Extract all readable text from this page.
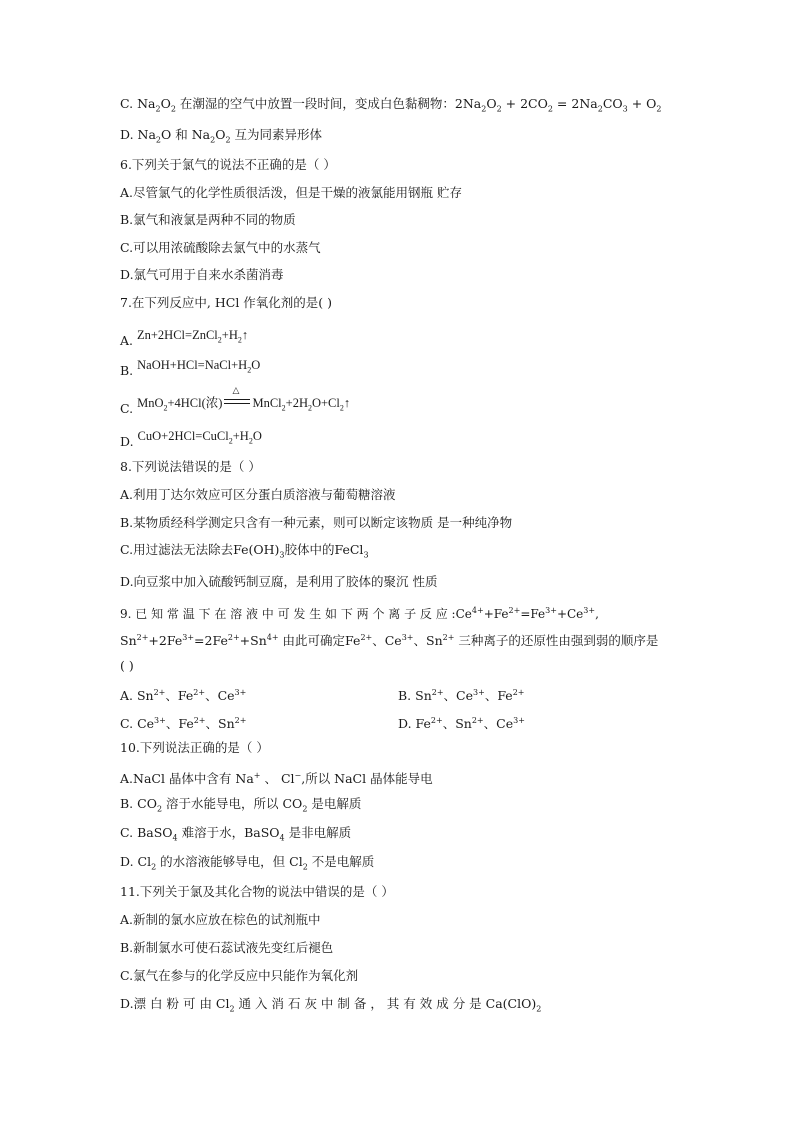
C. $Na_2O_2$ 在潮湿的空气中放置一段时间，变成白色黏稠物：$2Na_2O_2 + 2CO_2 = 2Na_2CO_3 + O_2$
D. $Na_2O$ 和 $Na_2O_2$ 互为同素异形体
6.下列关于氯气的说法不正确的是（ ）
A.尽管氯气的化学性质很活泼，但是干燥的液氯能用钢瓶 贮存
B.氯气和液氯是两种不同的物质
C.可以用浓硫酸除去氯气中的水蒸气
D.氯气可用于自来水杀菌消毒
7.在下列反应中, HCl 作氧化剂的是( )
A. $Zn+2HCl=ZnCl_2+H_2↑$
B. $NaOH+HCl=NaCl+H_2O$
C. MnO$_2$+4HCl(浓)
△
$MnCl_2+2H_2O+Cl_2↑$
D. $CuO+2HCl=CuCl_2+H_2O$
8.下列说法错误的是（ ）
A.利用丁达尔效应可区分蛋白质溶液与葡萄糖溶液
B.某物质经科学测定只含有一种元素，则可以断定该物质 是一种纯净物
C.用过滤法无法除去$Fe(OH)_3$胶体中的FeCl$_3$
D.向豆浆中加入硫酸钙制豆腐，是利用了胶体的聚沉 性质
9. 已 知 常 温 下 在 溶 液 中 可 发 生 如 下 两 个 离 子 反 应 $:Ce^{4+}+Fe^{2+}=Fe^{3+}+Ce^{3+}$,
$Sn^{2+}+2Fe^{3+}=2Fe^{2+}+Sn^{4+}$ 由此可确定$Fe^{2+}$、$Ce^{3+}$、$Sn^{2+}$ 三种离子的还原性由强到弱的顺序是
( )
A. $Sn^{2+}$、$Fe^{2+}$、$Ce^{3+}$	B. $Sn^{2+}$、$Ce^{3+}$、$Fe^{2+}$
C. $Ce^{3+}$、$Fe^{2+}$、$Sn^{2+}$	D. $Fe^{2+}$、$Sn^{2+}$、$Ce^{3+}$
10.下列说法正确的是（ ）
A.NaCl 晶体中含有 Na+ 、 Cl−,所以 NaCl 晶体能导电
B. $CO_2$ 溶于水能导电，所以 $CO_2$ 是电解质
C. BaSO$_4$ 难溶于水，BaSO$_4$ 是非电解质
D. $Cl_2$ 的水溶液能够导电，但 $Cl_2$ 不是电解质
11.下列关于氯及其化合物的说法中错误的是（ ）
A.新制的氯水应放在棕色的试剂瓶中
B.新制氯水可使石蕊试液先变红后褪色
C.氯气在参与的化学反应中只能作为氧化剂
D.漂 白 粉 可 由 $Cl_2$ 通 入 消 石 灰 中 制 备 ， 其 有 效 成 分 是 $Ca(ClO)_2$
